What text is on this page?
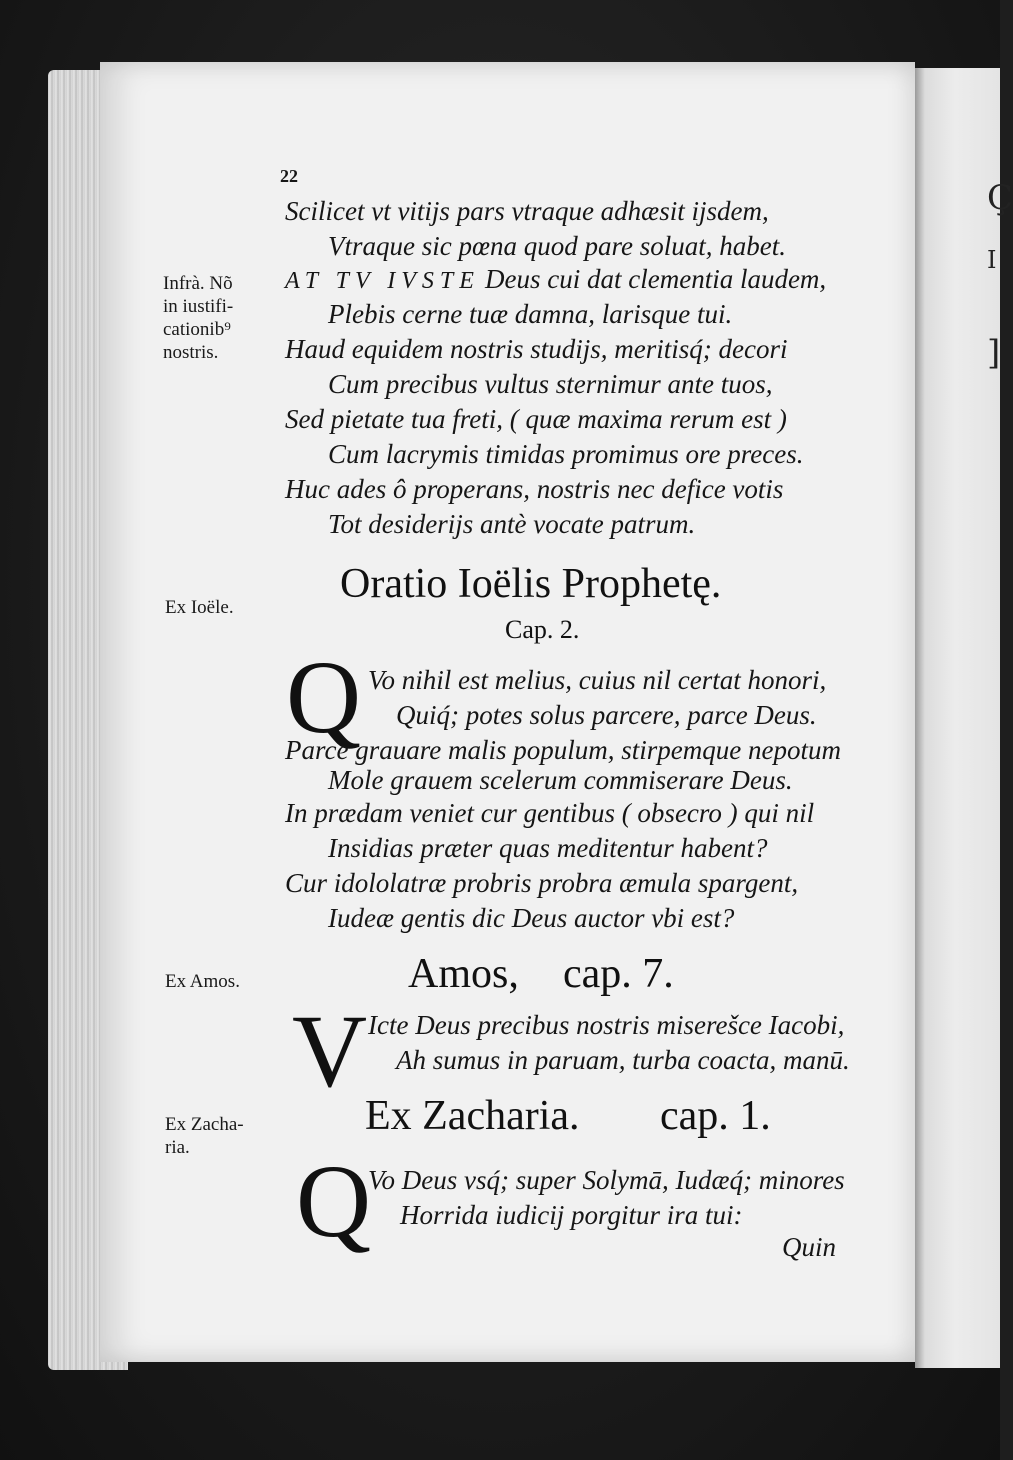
Ç
I
]
22
Scilicet vt vitijs pars vtraque adhæsit ijsdem,
Vtraque sic pœna quod pare soluat, habet.
Infrà. Nõ
in iustifi-
cationib⁹
nostris.
AT TV IVSTE Deus cui dat clementia laudem,
Plebis cerne tuæ damna, larisque tui.
Haud equidem nostris studijs, meritisq́; decori
Cum precibus vultus sternimur ante tuos,
Sed pietate tua freti, ( quæ maxima rerum est )
Cum lacrymis timidas promimus ore preces.
Huc ades ô properans, nostris nec defice votis
Tot desiderijs antè vocate patrum.
Ex Ioële.
Oratio Ioëlis Prophetę.
Cap. 2.
Q Vo nihil est melius, cuius nil certat honori,
Quiq́; potes solus parcere, parce Deus.
Parce grauare malis populum, stirpemque nepotum
Mole grauem scelerum commiserare Deus.
In prædam veniet cur gentibus ( obsecro ) qui nil
Insidias præter quas meditentur habent?
Cur idololatræ probris probra æmula spargent,
Iudeæ gentis dic Deus auctor vbi est?
Ex Amos.	Amos, cap. 7.
V Icte Deus precibus nostris miserešce Iacobi,
Ah sumus in paruam, turba coacta, manū.
Ex Zacha-
ria.
Ex Zacharia. cap. 1.
Q
Vo Deus vsq́; super Solymā, Iudæq́; minores
Horrida iudicij porgitur ira tui:
Quin
